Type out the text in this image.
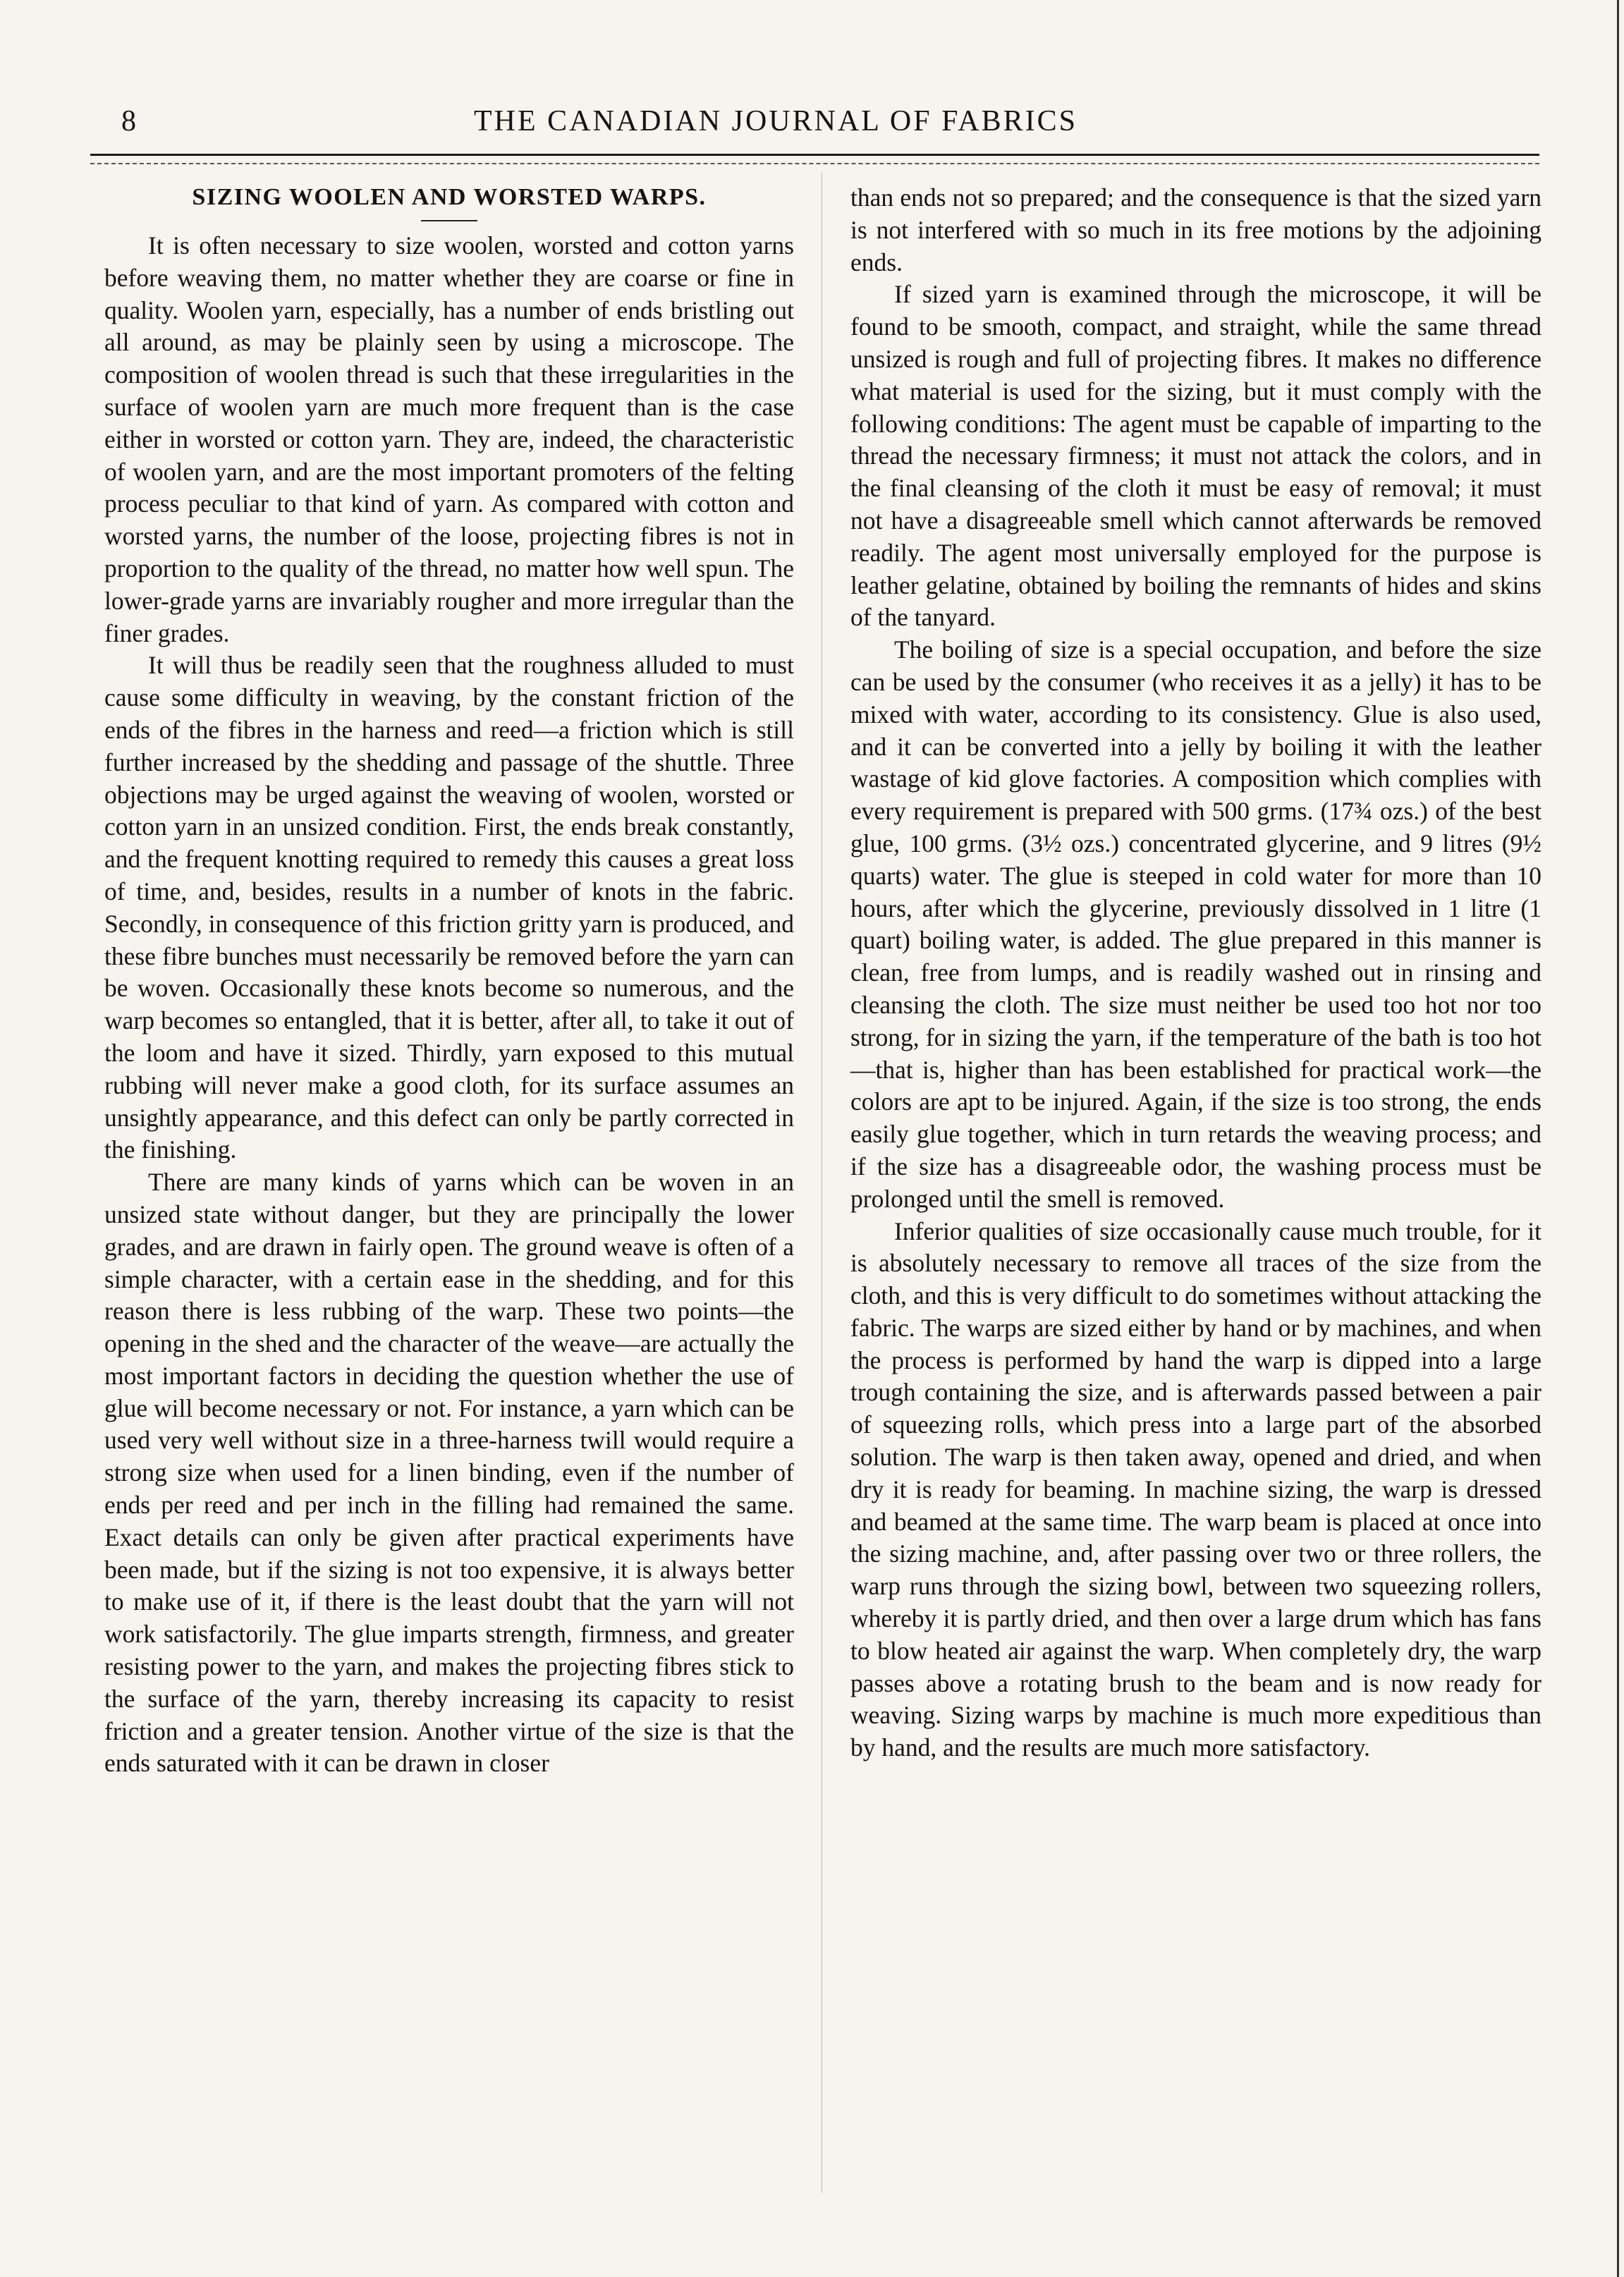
8	THE CANADIAN JOURNAL OF FABRICS
SIZING WOOLEN AND WORSTED WARPS.

It is often necessary to size woolen, worsted and cotton yarns before weaving them, no matter whether they are coarse or fine in quality. Woolen yarn, especially, has a number of ends bristling out all around, as may be plainly seen by using a microscope. The composition of woolen thread is such that these irregularities in the surface of woolen yarn are much more frequent than is the case either in worsted or cotton yarn. They are, indeed, the characteristic of woolen yarn, and are the most important promoters of the felting process peculiar to that kind of yarn. As compared with cotton and worsted yarns, the number of the loose, projecting fibres is not in proportion to the quality of the thread, no matter how well spun. The lower-grade yarns are invariably rougher and more irregular than the finer grades.

It will thus be readily seen that the roughness alluded to must cause some difficulty in weaving, by the constant friction of the ends of the fibres in the harness and reed—a friction which is still further increased by the shedding and passage of the shuttle. Three objections may be urged against the weaving of woolen, worsted or cotton yarn in an unsized condition. First, the ends break constantly, and the frequent knotting required to remedy this causes a great loss of time, and, besides, results in a number of knots in the fabric. Secondly, in consequence of this friction gritty yarn is produced, and these fibre bunches must necessarily be removed before the yarn can be woven. Occasionally these knots become so numerous, and the warp becomes so entangled, that it is better, after all, to take it out of the loom and have it sized. Thirdly, yarn exposed to this mutual rubbing will never make a good cloth, for its surface assumes an unsightly appearance, and this defect can only be partly corrected in the finishing.

There are many kinds of yarns which can be woven in an unsized state without danger, but they are principally the lower grades, and are drawn in fairly open. The ground weave is often of a simple character, with a certain ease in the shedding, and for this reason there is less rubbing of the warp. These two points—the opening in the shed and the character of the weave—are actually the most important factors in deciding the question whether the use of glue will become necessary or not. For instance, a yarn which can be used very well without size in a three-harness twill would require a strong size when used for a linen binding, even if the number of ends per reed and per inch in the filling had remained the same. Exact details can only be given after practical experiments have been made, but if the sizing is not too expensive, it is always better to make use of it, if there is the least doubt that the yarn will not work satisfactorily. The glue imparts strength, firmness, and greater resisting power to the yarn, and makes the projecting fibres stick to the surface of the yarn, thereby increasing its capacity to resist friction and a greater tension. Another virtue of the size is that the ends saturated with it can be drawn in closer

than ends not so prepared; and the consequence is that the sized yarn is not interfered with so much in its free motions by the adjoining ends.

If sized yarn is examined through the microscope, it will be found to be smooth, compact, and straight, while the same thread unsized is rough and full of projecting fibres. It makes no difference what material is used for the sizing, but it must comply with the following conditions: The agent must be capable of imparting to the thread the necessary firmness; it must not attack the colors, and in the final cleansing of the cloth it must be easy of removal; it must not have a disagreeable smell which cannot afterwards be removed readily. The agent most universally employed for the purpose is leather gelatine, obtained by boiling the remnants of hides and skins of the tanyard.

The boiling of size is a special occupation, and before the size can be used by the consumer (who receives it as a jelly) it has to be mixed with water, according to its consistency. Glue is also used, and it can be converted into a jelly by boiling it with the leather wastage of kid glove factories. A composition which complies with every requirement is prepared with 500 grms. (17¾ ozs.) of the best glue, 100 grms. (3½ ozs.) concentrated glycerine, and 9 litres (9½ quarts) water. The glue is steeped in cold water for more than 10 hours, after which the glycerine, previously dissolved in 1 litre (1 quart) boiling water, is added. The glue prepared in this manner is clean, free from lumps, and is readily washed out in rinsing and cleansing the cloth. The size must neither be used too hot nor too strong, for in sizing the yarn, if the temperature of the bath is too hot—that is, higher than has been established for practical work—the colors are apt to be injured. Again, if the size is too strong, the ends easily glue together, which in turn retards the weaving process; and if the size has a disagreeable odor, the washing process must be prolonged until the smell is removed.

Inferior qualities of size occasionally cause much trouble, for it is absolutely necessary to remove all traces of the size from the cloth, and this is very difficult to do sometimes without attacking the fabric. The warps are sized either by hand or by machines, and when the process is performed by hand the warp is dipped into a large trough containing the size, and is afterwards passed between a pair of squeezing rolls, which press into a large part of the absorbed solution. The warp is then taken away, opened and dried, and when dry it is ready for beaming. In machine sizing, the warp is dressed and beamed at the same time. The warp beam is placed at once into the sizing machine, and, after passing over two or three rollers, the warp runs through the sizing bowl, between two squeezing rollers, whereby it is partly dried, and then over a large drum which has fans to blow heated air against the warp. When completely dry, the warp passes above a rotating brush to the beam and is now ready for weaving. Sizing warps by machine is much more expeditious than by hand, and the results are much more satisfactory.
